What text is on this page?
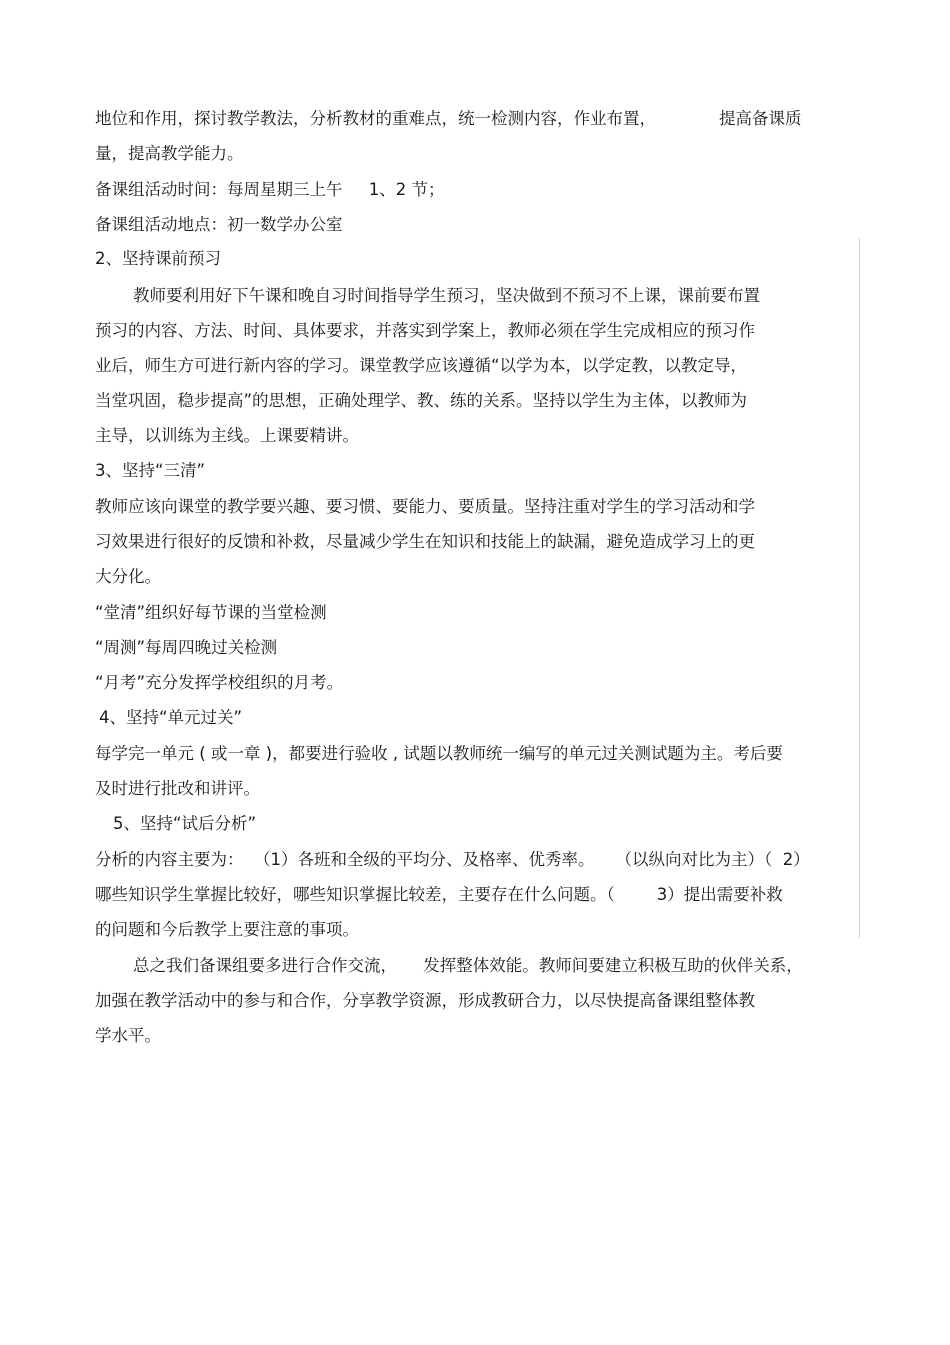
地位和作用，探讨教学教法，分析教材的重难点，统一检测内容，作业布置，            提高备课质
量，提高教学能力。
备课组活动时间：每周星期三上午     1、2 节；
备课组活动地点：初一数学办公室
2、坚持课前预习
教师要利用好下午课和晚自习时间指导学生预习，坚决做到不预习不上课，课前要布置
预习的内容、方法、时间、具体要求，并落实到学案上，教师必须在学生完成相应的预习作
业后，师生方可进行新内容的学习。课堂教学应该遵循“以学为本，以学定教，以教定导，
当堂巩固，稳步提高”的思想，正确处理学、教、练的关系。坚持以学生为主体，以教师为
主导，以训练为主线。上课要精讲。
3、坚持“三清”
教师应该向课堂的教学要兴趣、要习惯、要能力、要质量。坚持注重对学生的学习活动和学
习效果进行很好的反馈和补救，尽量减少学生在知识和技能上的缺漏，避免造成学习上的更
大分化。
“堂清”组织好每节课的当堂检测
“周测”每周四晚过关检测
“月考”充分发挥学校组织的月考。
4、坚持“单元过关”
每学完一单元 ( 或一章 )，都要进行验收 , 试题以教师统一编写的单元过关测试题为主。考后要
及时进行批改和讲评。
5、坚持“试后分析”
分析的内容主要为：  （1）各班和全级的平均分、及格率、优秀率。    （以纵向对比为主）（  2）
哪些知识学生掌握比较好，哪些知识掌握比较差，主要存在什么问题。（        3）提出需要补救
的问题和今后教学上要注意的事项。
总之我们备课组要多进行合作交流，     发挥整体效能。教师间要建立积极互助的伙伴关系，
加强在教学活动中的参与和合作，分享教学资源，形成教研合力，以尽快提高备课组整体教
学水平。
